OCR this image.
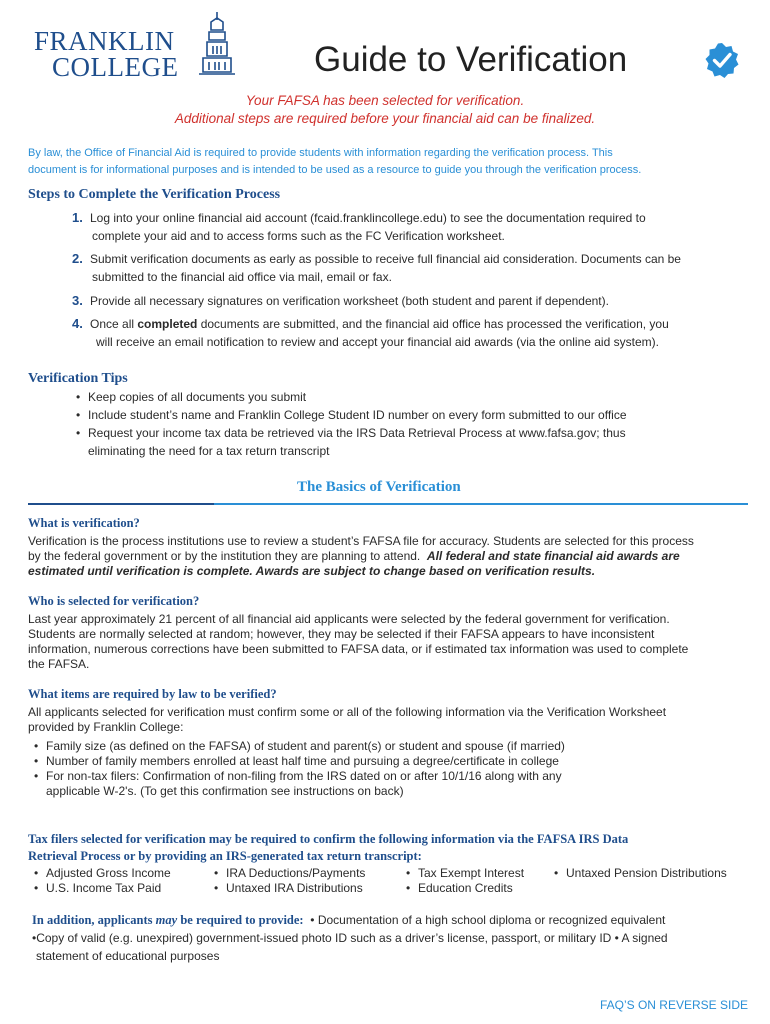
FRANKLIN
COLLEGE	Guide to Verification
Your FAFSA has been selected for verification.
Additional steps are required before your financial aid can be finalized.
By law, the Office of Financial Aid is required to provide students with information regarding the verification process. This
document is for informational purposes and is intended to be used as a resource to guide you through the verification process.
Steps to Complete the Verification Process
1. Log into your online financial aid account (fcaid.franklincollege.edu) to see the documentation required to
complete your aid and to access forms such as the FC Verification worksheet.
2. Submit verification documents as early as possible to receive full financial aid consideration. Documents can be
submitted to the financial aid office via mail, email or fax.
3. Provide all necessary signatures on verification worksheet (both student and parent if dependent).
4. Once all completed documents are submitted, and the financial aid office has processed the verification, you
will receive an email notification to review and accept your financial aid awards (via the online aid system).
Verification Tips
• Keep copies of all documents you submit
• Include student’s name and Franklin College Student ID number on every form submitted to our office
• Request your income tax data be retrieved via the IRS Data Retrieval Process at www.fafsa.gov; thus
eliminating the need for a tax return transcript
The Basics of Verification
What is verification?
Verification is the process institutions use to review a student’s FAFSA file for accuracy. Students are selected for this process
by the federal government or by the institution they are planning to attend. All federal and state financial aid awards are
estimated until verification is complete. Awards are subject to change based on verification results.
Who is selected for verification?
Last year approximately 21 percent of all financial aid applicants were selected by the federal government for verification.
Students are normally selected at random; however, they may be selected if their FAFSA appears to have inconsistent
information, numerous corrections have been submitted to FAFSA data, or if estimated tax information was used to complete
the FAFSA.
What items are required by law to be verified?
All applicants selected for verification must confirm some or all of the following information via the Verification Worksheet
provided by Franklin College:
• Family size (as defined on the FAFSA) of student and parent(s) or student and spouse (if married)
• Number of family members enrolled at least half time and pursuing a degree/certificate in college
• For non-tax filers: Confirmation of non-filing from the IRS dated on or after 10/1/16 along with any
applicable W-2's. (To get this confirmation see instructions on back)
Tax filers selected for verification may be required to confirm the following information via the FAFSA IRS Data
Retrieval Process or by providing an IRS-generated tax return transcript:
• Adjusted Gross Income
• U.S. Income Tax Paid
• IRA Deductions/Payments
• Untaxed IRA Distributions
• Tax Exempt Interest
• Education Credits
• Untaxed Pension Distributions
In addition, applicants may be required to provide:  • Documentation of a high school diploma or recognized equivalent
•Copy of valid (e.g. unexpired) government-issued photo ID such as a driver’s license, passport, or military ID • A signed
statement of educational purposes
FAQ’S ON REVERSE SIDE
